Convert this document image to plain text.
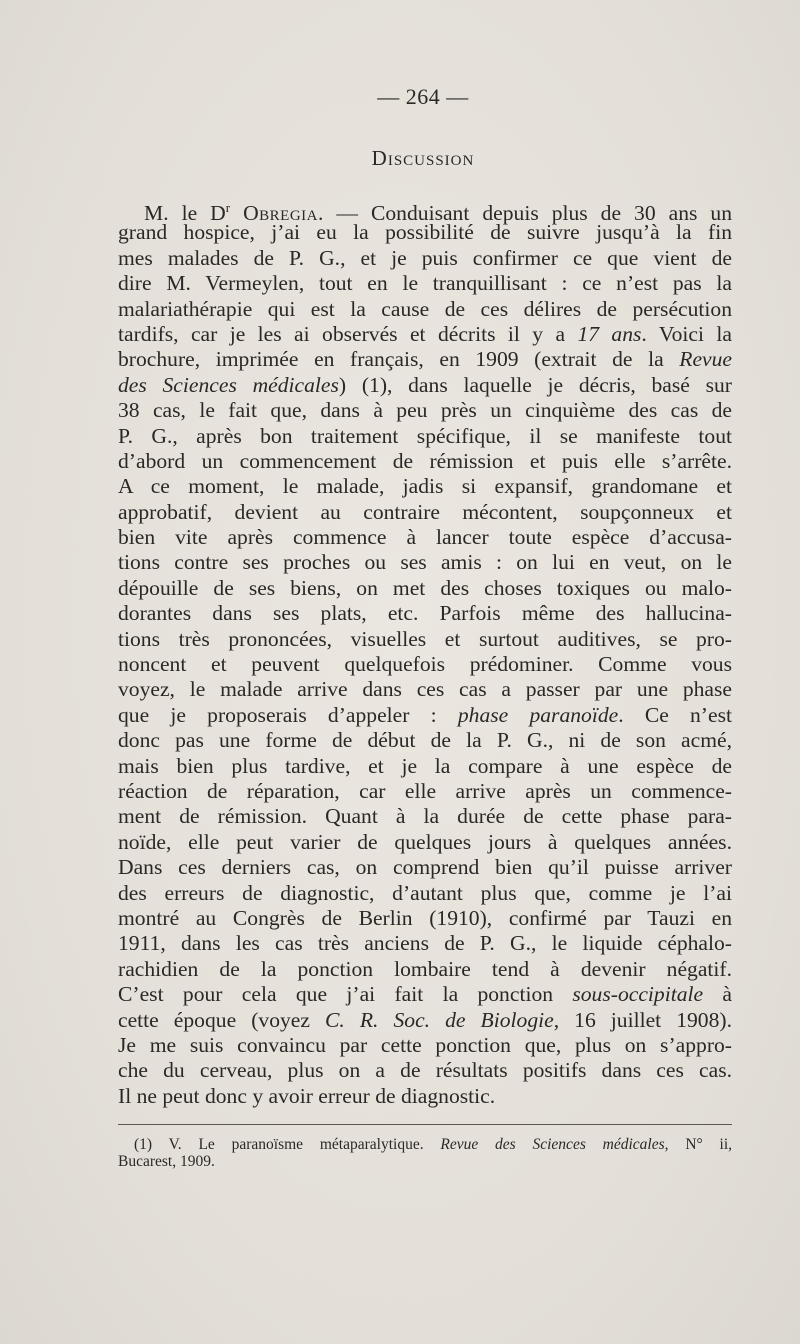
— 264 —
Discussion
M. le $D^r$ Obregia. — Conduisant depuis plus de 30 ans un
grand hospice, j’ai eu la possibilité de suivre jusqu’à la fin
mes malades de P. G., et je puis confirmer ce que vient de
dire M. Vermeylen, tout en le tranquillisant : ce n’est pas la
malariathérapie qui est la cause de ces délires de persécution
tardifs, car je les ai observés et décrits il y a 17 ans. Voici la
brochure, imprimée en français, en 1909 (extrait de la Revue
des Sciences médicales) (1), dans laquelle je décris, basé sur
38 cas, le fait que, dans à peu près un cinquième des cas de
P. G., après bon traitement spécifique, il se manifeste tout
d’abord un commencement de rémission et puis elle s’arrête.
A ce moment, le malade, jadis si expansif, grandomane et
approbatif, devient au contraire mécontent, soupçonneux et
bien vite après commence à lancer toute espèce d’accusa-
tions contre ses proches ou ses amis : on lui en veut, on le
dépouille de ses biens, on met des choses toxiques ou malo-
dorantes dans ses plats, etc. Parfois même des hallucina-
tions très prononcées, visuelles et surtout auditives, se pro-
noncent et peuvent quelquefois prédominer. Comme vous
voyez, le malade arrive dans ces cas a passer par une phase
que je proposerais d’appeler : phase paranoïde. Ce n’est
donc pas une forme de début de la P. G., ni de son acmé,
mais bien plus tardive, et je la compare à une espèce de
réaction de réparation, car elle arrive après un commence-
ment de rémission. Quant à la durée de cette phase para-
noïde, elle peut varier de quelques jours à quelques années.
Dans ces derniers cas, on comprend bien qu’il puisse arriver
des erreurs de diagnostic, d’autant plus que, comme je l’ai
montré au Congrès de Berlin (1910), confirmé par Tauzi en
1911, dans les cas très anciens de P. G., le liquide céphalo-
rachidien de la ponction lombaire tend à devenir négatif.
C’est pour cela que j’ai fait la ponction sous-occipitale à
cette époque (voyez C. R. Soc. de Biologie, 16 juillet 1908).
Je me suis convaincu par cette ponction que, plus on s’appro-
che du cerveau, plus on a de résultats positifs dans ces cas.
Il ne peut donc y avoir erreur de diagnostic.
(1) V. Le paranoïsme métaparalytique. Revue des Sciences médicales, N° ii,
Bucarest, 1909.
